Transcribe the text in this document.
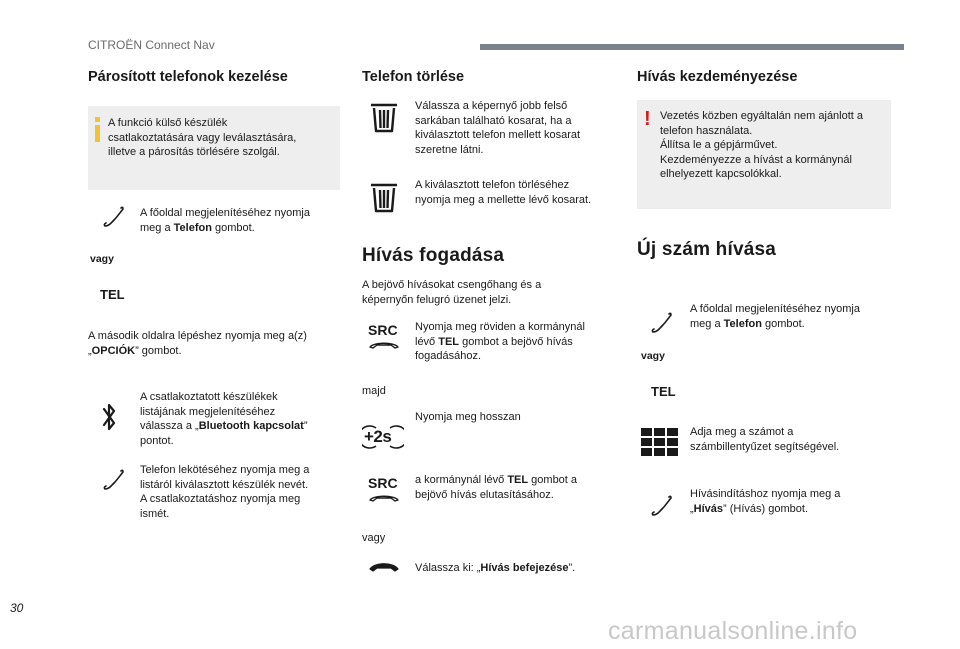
CITROËN Connect Nav
Párosított telefonok kezelése
A funkció külső készülék
csatlakoztatására vagy leválasztására,
illetve a párosítás törlésére szolgál.
A főoldal megjelenítéséhez nyomja
meg a Telefon gombot.
vagy
TEL
A második oldalra lépéshez nyomja meg a(z)
„OPCIÓK” gombot.
A csatlakoztatott készülékek
listájának megjelenítéséhez
válassza a „Bluetooth kapcsolat”
pontot.
Telefon lekötéséhez nyomja meg a
listáról kiválasztott készülék nevét.
A csatlakoztatáshoz nyomja meg
ismét.
Telefon törlése
Válassza a képernyő jobb felső
sarkában található kosarat, ha a
kiválasztott telefon mellett kosarat
szeretne látni.
A kiválasztott telefon törléséhez
nyomja meg a mellette lévő kosarat.
Hívás fogadása
A bejövő hívásokat csengőhang és a
képernyőn felugró üzenet jelzi.
SRC	Nyomja meg röviden a kormánynál
lévő TEL gombot a bejövő hívás
fogadásához.
majd
+2s
Nyomja meg hosszan
SRC	a kormánynál lévő TEL gombot a
bejövő hívás elutasításához.
vagy
Válassza ki: „Hívás befejezése”.
Hívás kezdeményezése
! Vezetés közben egyáltalán nem ajánlott a
telefon használata.
Állítsa le a gépjárművet.
Kezdeményezze a hívást a kormánynál
elhelyezett kapcsolókkal.
Új szám hívása
A főoldal megjelenítéséhez nyomja
meg a Telefon gombot.
vagy
TEL
Adja meg a számot a
számbillentyűzet segítségével.
Hívásindításhoz nyomja meg a
„Hívás” (Hívás) gombot.
30
carmanualsonline.info
